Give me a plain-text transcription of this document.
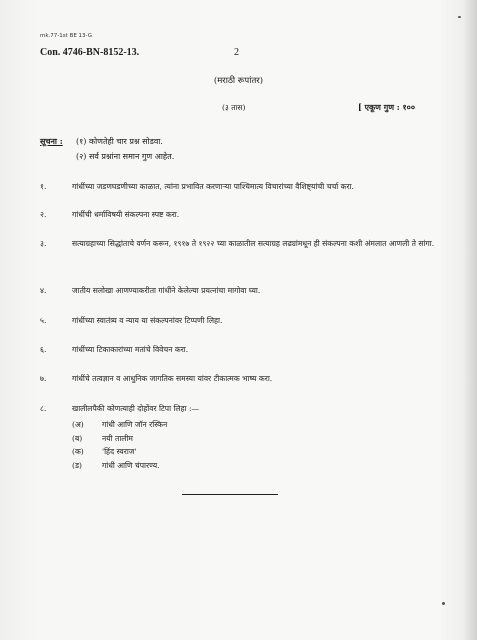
mk.77-1st BE 13-G
Con. 4746-BN-8152-13.	2
(मराठी रूपांतर)
(३ तास)	[ एकूण गुण : १००
सूचना : (१) कोणतेही चार प्रश्न सोडवा.
(२) सर्व प्रश्नांना समान गुण आहेत.
१.	गांधींच्या जडणघडणीच्या काळात, त्यांना प्रभावित करणाऱ्या पाश्चिमात्य विचारांच्या वैशिष्ट्यांची चर्चा करा.
२.	गांधींची धर्माविषयी संकल्पना स्पष्ट करा.
३.	सत्याग्रहाच्या सिद्धांताचे वर्णन करून, १९१७ ते १९२२ च्या काळातील सत्याग्रह लढ्यांमधून ही संकल्पना कशी अंमलात आणली ते सांगा.
४.	जातीय सलोखा आणण्याकरीता गांधींने केलेल्या प्रयत्नांचा मागोवा घ्या.
५.	गांधींच्या स्वातंत्र्य व न्याय या संकल्पनांवर टिप्पणी लिहा.
६.	गांधींच्या टिकाकारांच्या मतांचे विवेचन करा.
७.	गांधींचे तत्वज्ञान व आधुनिक जागतिक समस्या यांवर टीकात्मक भाष्य करा.
८.	खालीलपैकी कोणत्याही दोहोंवर टिपा लिहा :—
(अ) गांधी आणि जॉन रस्किन
(ब)	नयी तालीम
(क) 'हिंद स्वराज'
(ड)	गांधी आणि चंपारण्य.
